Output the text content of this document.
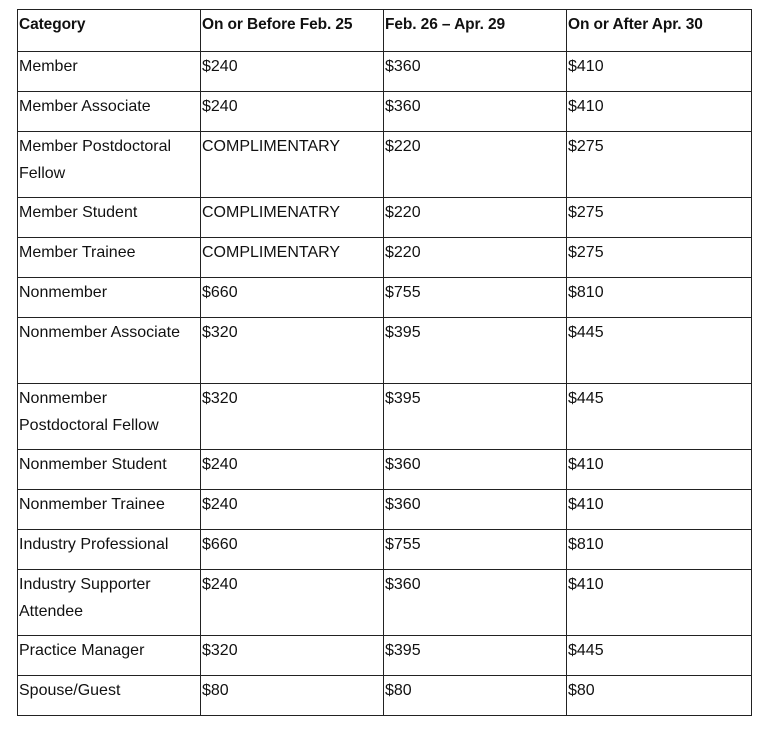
Category	On or Before Feb. 25	Feb. 26 – Apr. 29	On or After Apr. 30
Member	$240	$360	$410
Member Associate	$240	$360	$410
Member Postdoctoral Fellow	COMPLIMENTARY	$220	$275
Member Student	COMPLIMENATRY	$220	$275
Member Trainee	COMPLIMENTARY	$220	$275
Nonmember	$660	$755	$810
Nonmember Associate	$320	$395	$445
Nonmember Postdoctoral Fellow	$320	$395	$445
Nonmember Student	$240	$360	$410
Nonmember Trainee	$240	$360	$410
Industry Professional	$660	$755	$810
Industry Supporter Attendee	$240	$360	$410
Practice Manager	$320	$395	$445
Spouse/Guest	$80	$80	$80
